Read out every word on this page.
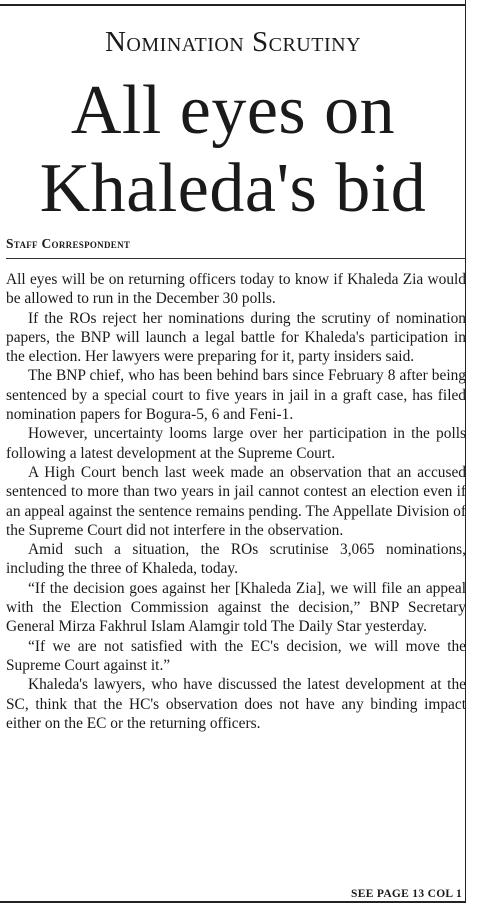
Nomination Scrutiny
All eyes on
Khaleda's bid
Staff Correspondent

All eyes will be on returning officers today to know if Khaleda Zia would be allowed to run in the December 30 polls.

If the ROs reject her nominations during the scrutiny of nomination papers, the BNP will launch a legal battle for Khaleda's participation in the election. Her lawyers were preparing for it, party insiders said.

The BNP chief, who has been behind bars since February 8 after being sentenced by a special court to five years in jail in a graft case, has filed nomination papers for Bogura-5, 6 and Feni-1.

However, uncertainty looms large over her participation in the polls following a latest development at the Supreme Court.

A High Court bench last week made an observation that an accused sentenced to more than two years in jail cannot contest an election even if an appeal against the sentence remains pending. The Appellate Division of the Supreme Court did not interfere in the observation.

Amid such a situation, the ROs scrutinise 3,065 nominations, including the three of Khaleda, today.

“If the decision goes against her [Khaleda Zia], we will file an appeal with the Election Commission against the decision,” BNP Secretary General Mirza Fakhrul Islam Alamgir told The Daily Star yesterday.

“If we are not satisfied with the EC's decision, we will move the Supreme Court against it.”

Khaleda's lawyers, who have discussed the latest development at the SC, think that the HC's observation does not have any binding impact either on the EC or the returning officers.

SEE PAGE 13 COL 1
